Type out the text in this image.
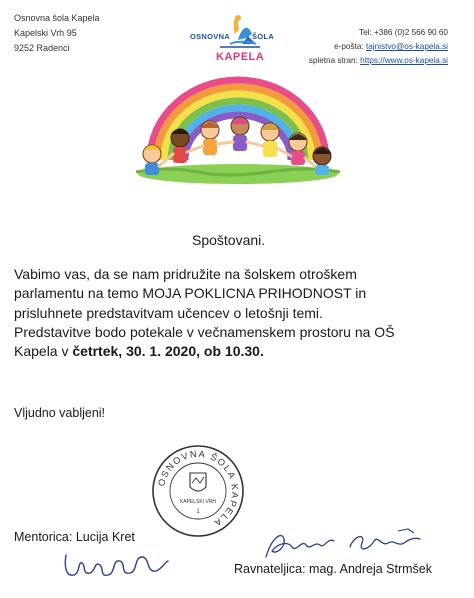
Osnovna šola Kapela
Kapelski Vrh 95
9252 Radenci
OSNOVNA	ŠOLA
KAPELA
Tel: +386 (0)2 566 90 60
e-pošta: tajnistvo@os-kapela.si
spletna stran: https://www.os-kapela.si
Spoštovani.
Vabimo vas, da se nam pridružite na šolskem otroškem
parlamentu na temo MOJA POKLICNA PRIHODNOST in
prisluhnete predstavitvam učencev o letošnji temi.
Predstavitve bodo potekale v večnamenskem prostoru na OŠ
Kapela v četrtek, 30. 1. 2020, ob 10.30.
Vljudno vabljeni!
OSNOVNA ŠOLA KAPELA
KAPELSKI VRH
1
Mentorica: Lucija Kret
Ravnateljica: mag. Andreja Strmšek
